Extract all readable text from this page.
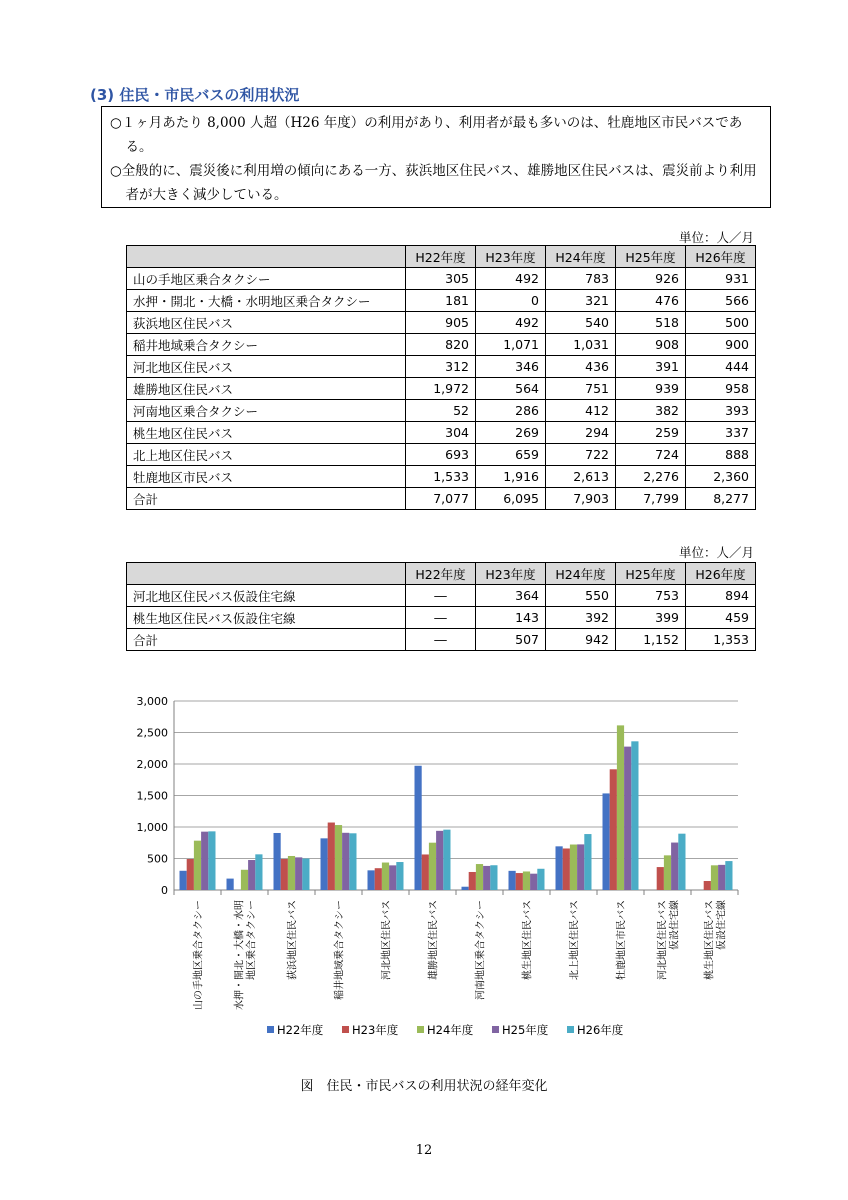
(3) 住民・市民バスの利用状況

○１ヶ月あたり 8,000 人超（H26 年度）の利用があり、利用者が最も多いのは、牡鹿地区市民バスである。

○全般的に、震災後に利用増の傾向にある一方、荻浜地区住民バス、雄勝地区住民バスは、震災前より利用者が大きく減少している。

単位：人／月
	H22年度	H23年度	H24年度	H25年度	H26年度
山の手地区乗合タクシー	305	492	783	926	931
水押・開北・大橋・水明地区乗合タクシー	181	0	321	476	566
荻浜地区住民バス	905	492	540	518	500
稲井地域乗合タクシー	820	1,071	1,031	908	900
河北地区住民バス	312	346	436	391	444
雄勝地区住民バス	1,972	564	751	939	958
河南地区乗合タクシー	52	286	412	382	393
桃生地区住民バス	304	269	294	259	337
北上地区住民バス	693	659	722	724	888
牡鹿地区市民バス	1,533	1,916	2,613	2,276	2,360
合計	7,077	6,095	7,903	7,799	8,277
単位：人／月
	H22年度	H23年度	H24年度	H25年度	H26年度
河北地区住民バス仮設住宅線	―	364	550	753	894
桃生地区住民バス仮設住宅線	―	143	392	399	459
合計	―	507	942	1,152	1,353
0
500
1,000
1,500
2,000
2,500
3,000
山の手地区乗合タクシー	水押・開北・大橋・水明 地区乗合タクシー	荻浜地区住民バス	稲井地域乗合タクシー	河北地区住民バス	雄勝地区住民バス	河南地区乗合タクシー	桃生地区住民バス	北上地区住民バス	牡鹿地区市民バス	河北地区住民バス 仮設住宅線 桃生地区住民バス 仮設住宅線
H22年度 H23年度 H24年度 H25年度 H26年度
図　住民・市民バスの利用状況の経年変化
12
